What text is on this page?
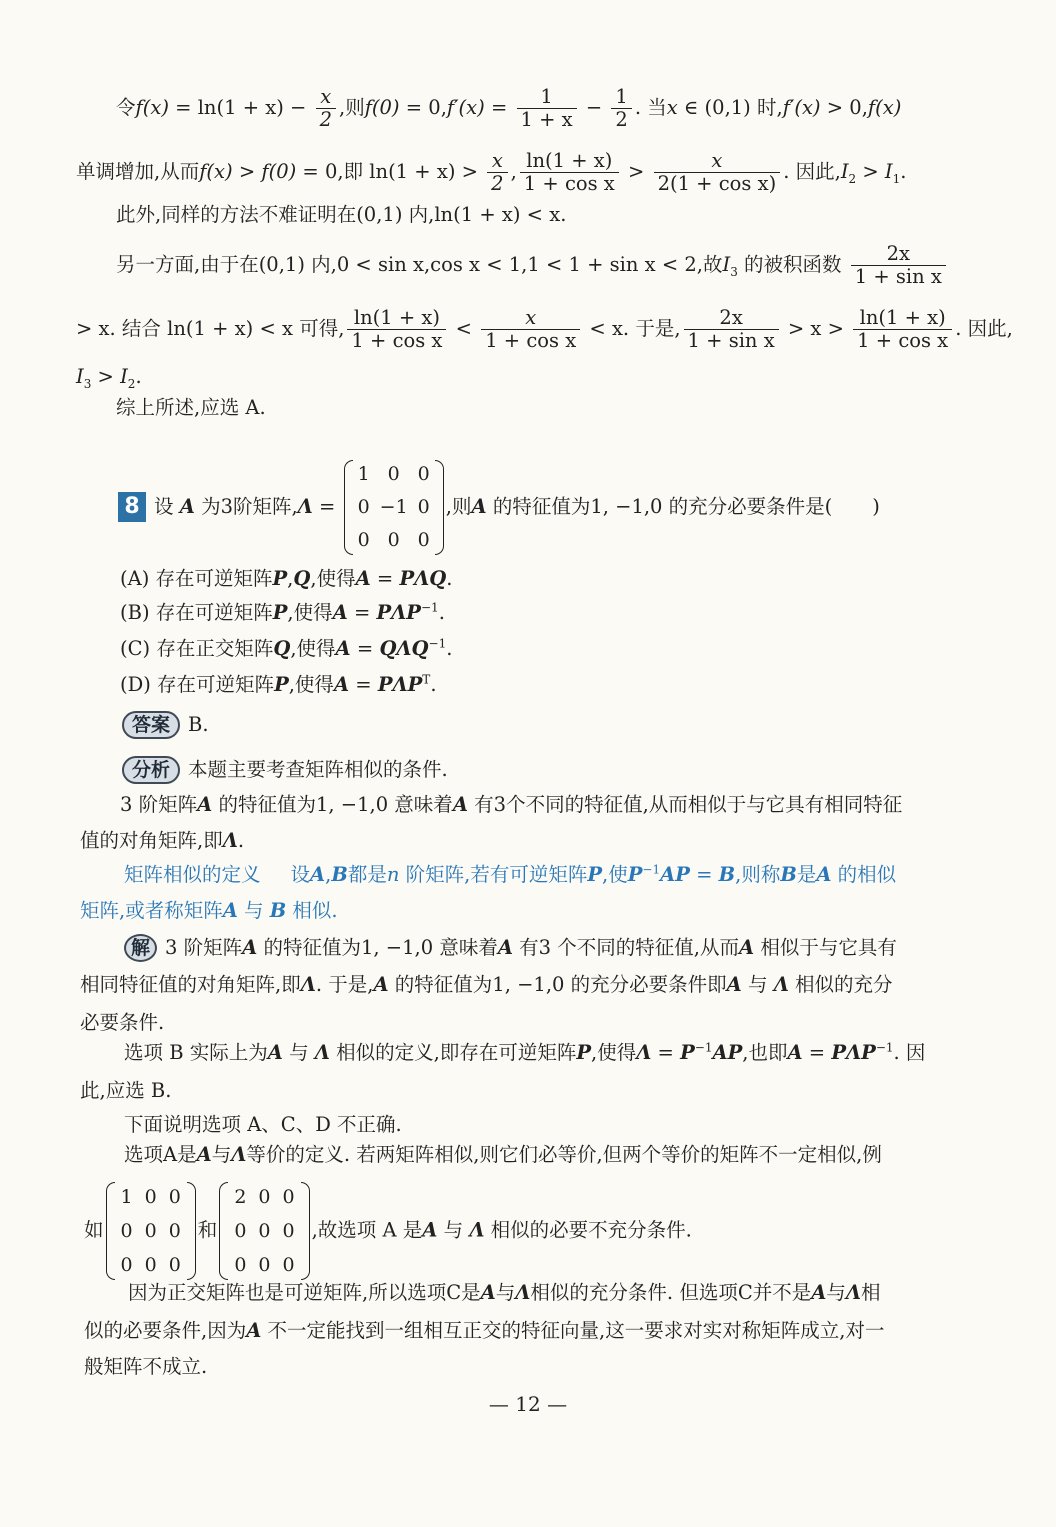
令$f(x) = \ln(1 + x) - \frac{x}{2}$ ,则$f(0) = 0,f'(x) = \frac{1}{1 + x} - \frac{1}{2}$ . 当x ∈ (0,1) 时,f′(x) > 0,f(x)
单调增加,从而f(x) > f(0) = 0,即 $\ln(1 + x) > \frac{x}{2}$ , $\frac{\ln(1 + x)}{\text{1 + cos x}} > \frac{x}{\text{2(1 + cos x)}}$ . 因此$,I_2 > I_1$.
此外,同样的方法不难证明在(0,1) 内,ln(1 + x) < x.
另一方面,由于在(0,1) 内,0 < sin x,cos x < 1,1 < 1 + sin x < 2,故$I_3$ 的被积函数 $\frac{2x}{\text{1 + sin x}}$
> x. 结合 ln(1 + x) < x 可得, $\frac{\ln(1 + x)}{\text{1 + cos x}} < \frac{x}{\text{1 + cos x}} < x$. 于是, $\frac{2x}{\text{1 + sin x}} > x > \frac{\ln(1 + x)}{\text{1 + cos x}}$ . 因此,
$I_3 > I_2$.
综上所述,应选 A.
8 设 A 为3阶矩阵,Λ =
1	0	0
0	−1	0
0	0	0
,则A 的特征值为1, −1,0 的充分必要条件是( )
(A) 存在可逆矩阵P,Q,使得A = PΛQ.
(B) 存在可逆矩阵P,使得$A = P\Lambda P^{-1}$.
(C) 存在正交矩阵Q,使得$A = Q\Lambda Q^{-1}$.
(D) 存在可逆矩阵P,使得$A = P\Lambda P^T$.
答案 B.
分析 本题主要考查矩阵相似的条件.
3 阶矩阵A 的特征值为1, −1,0 意味着A 有3个不同的特征值,从而相似于与它具有相同特征
值的对角矩阵,即Λ.
矩阵相似的定义 设A,B都是n 阶矩阵,若有可逆矩阵P,使$P^{-1}AP = B$,则称B是A 的相似
矩阵,或者称矩阵A 与 B 相似.
解 3 阶矩阵A 的特征值为1, −1,0 意味着A 有3 个不同的特征值,从而A 相似于与它具有
相同特征值的对角矩阵,即Λ. 于是,A 的特征值为1, −1,0 的充分必要条件即A 与 Λ 相似的充分
必要条件.
选项 B 实际上为A 与 Λ 相似的定义,即存在可逆矩阵P,使得$\Lambda = P^{-1}AP$,也即$A = P\Lambda P^{-1}$. 因
此,应选 B.
下面说明选项 A、C、D 不正确.
选项A是A与Λ等价的定义. 若两矩阵相似,则它们必等价,但两个等价的矩阵不一定相似,例
如
1	0	0
0	0	0
0	0	0
和
2	0	0
0	0	0
0	0	0
,故选项 A 是A 与 Λ 相似的必要不充分条件.
因为正交矩阵也是可逆矩阵,所以选项C是A与Λ相似的充分条件. 但选项C并不是A与Λ相
似的必要条件,因为A 不一定能找到一组相互正交的特征向量,这一要求对实对称矩阵成立,对一
般矩阵不成立.
— 12 —
